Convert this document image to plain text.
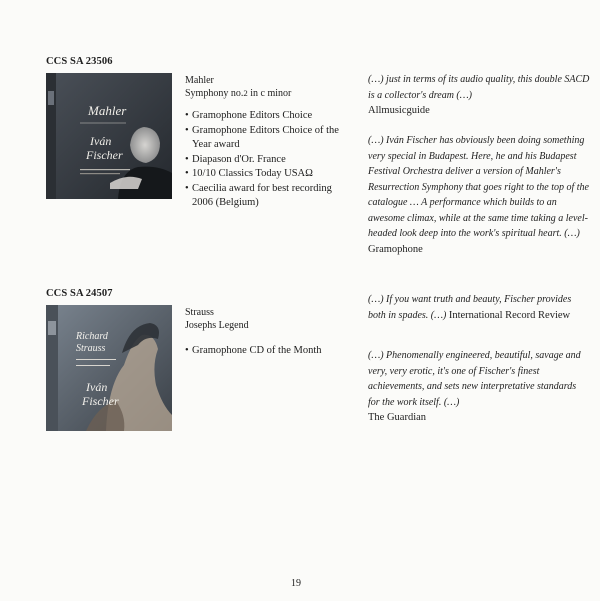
CCS SA 23506
Mahler
Iván
Fischer
Mahler
Symphony no.2 in c minor
• Gramophone Editors Choice
• Gramophone Editors Choice of the Year award
• Diapason d'Or. France
• 10/10 Classics Today USAΩ
• Caecilia award for best recording
2006 (Belgium)
(…) just in terms of its audio quality, this double SACD is a collector's dream (…)
Allmusicguide
(…) Iván Fischer has obviously been doing something very special in Budapest. Here, he and his Budapest Festival Orchestra deliver a version of Mahler's Resurrection Symphony that goes right to the top of the catalogue … A performance which builds to an awesome climax, while at the same time taking a level-headed look deep into the work's spiritual heart. (…)
Gramophone
CCS SA 24507
Richard
Strauss
Iván
Fischer
Strauss
Josephs Legend
• Gramophone CD of the Month
(…) If you want truth and beauty, Fischer provides both in spades. (…) International Record Review
(…) Phenomenally engineered, beautiful, savage and very, very erotic, it's one of Fischer's finest achievements, and sets new interpretative standards for the work itself. (…)
The Guardian
19
